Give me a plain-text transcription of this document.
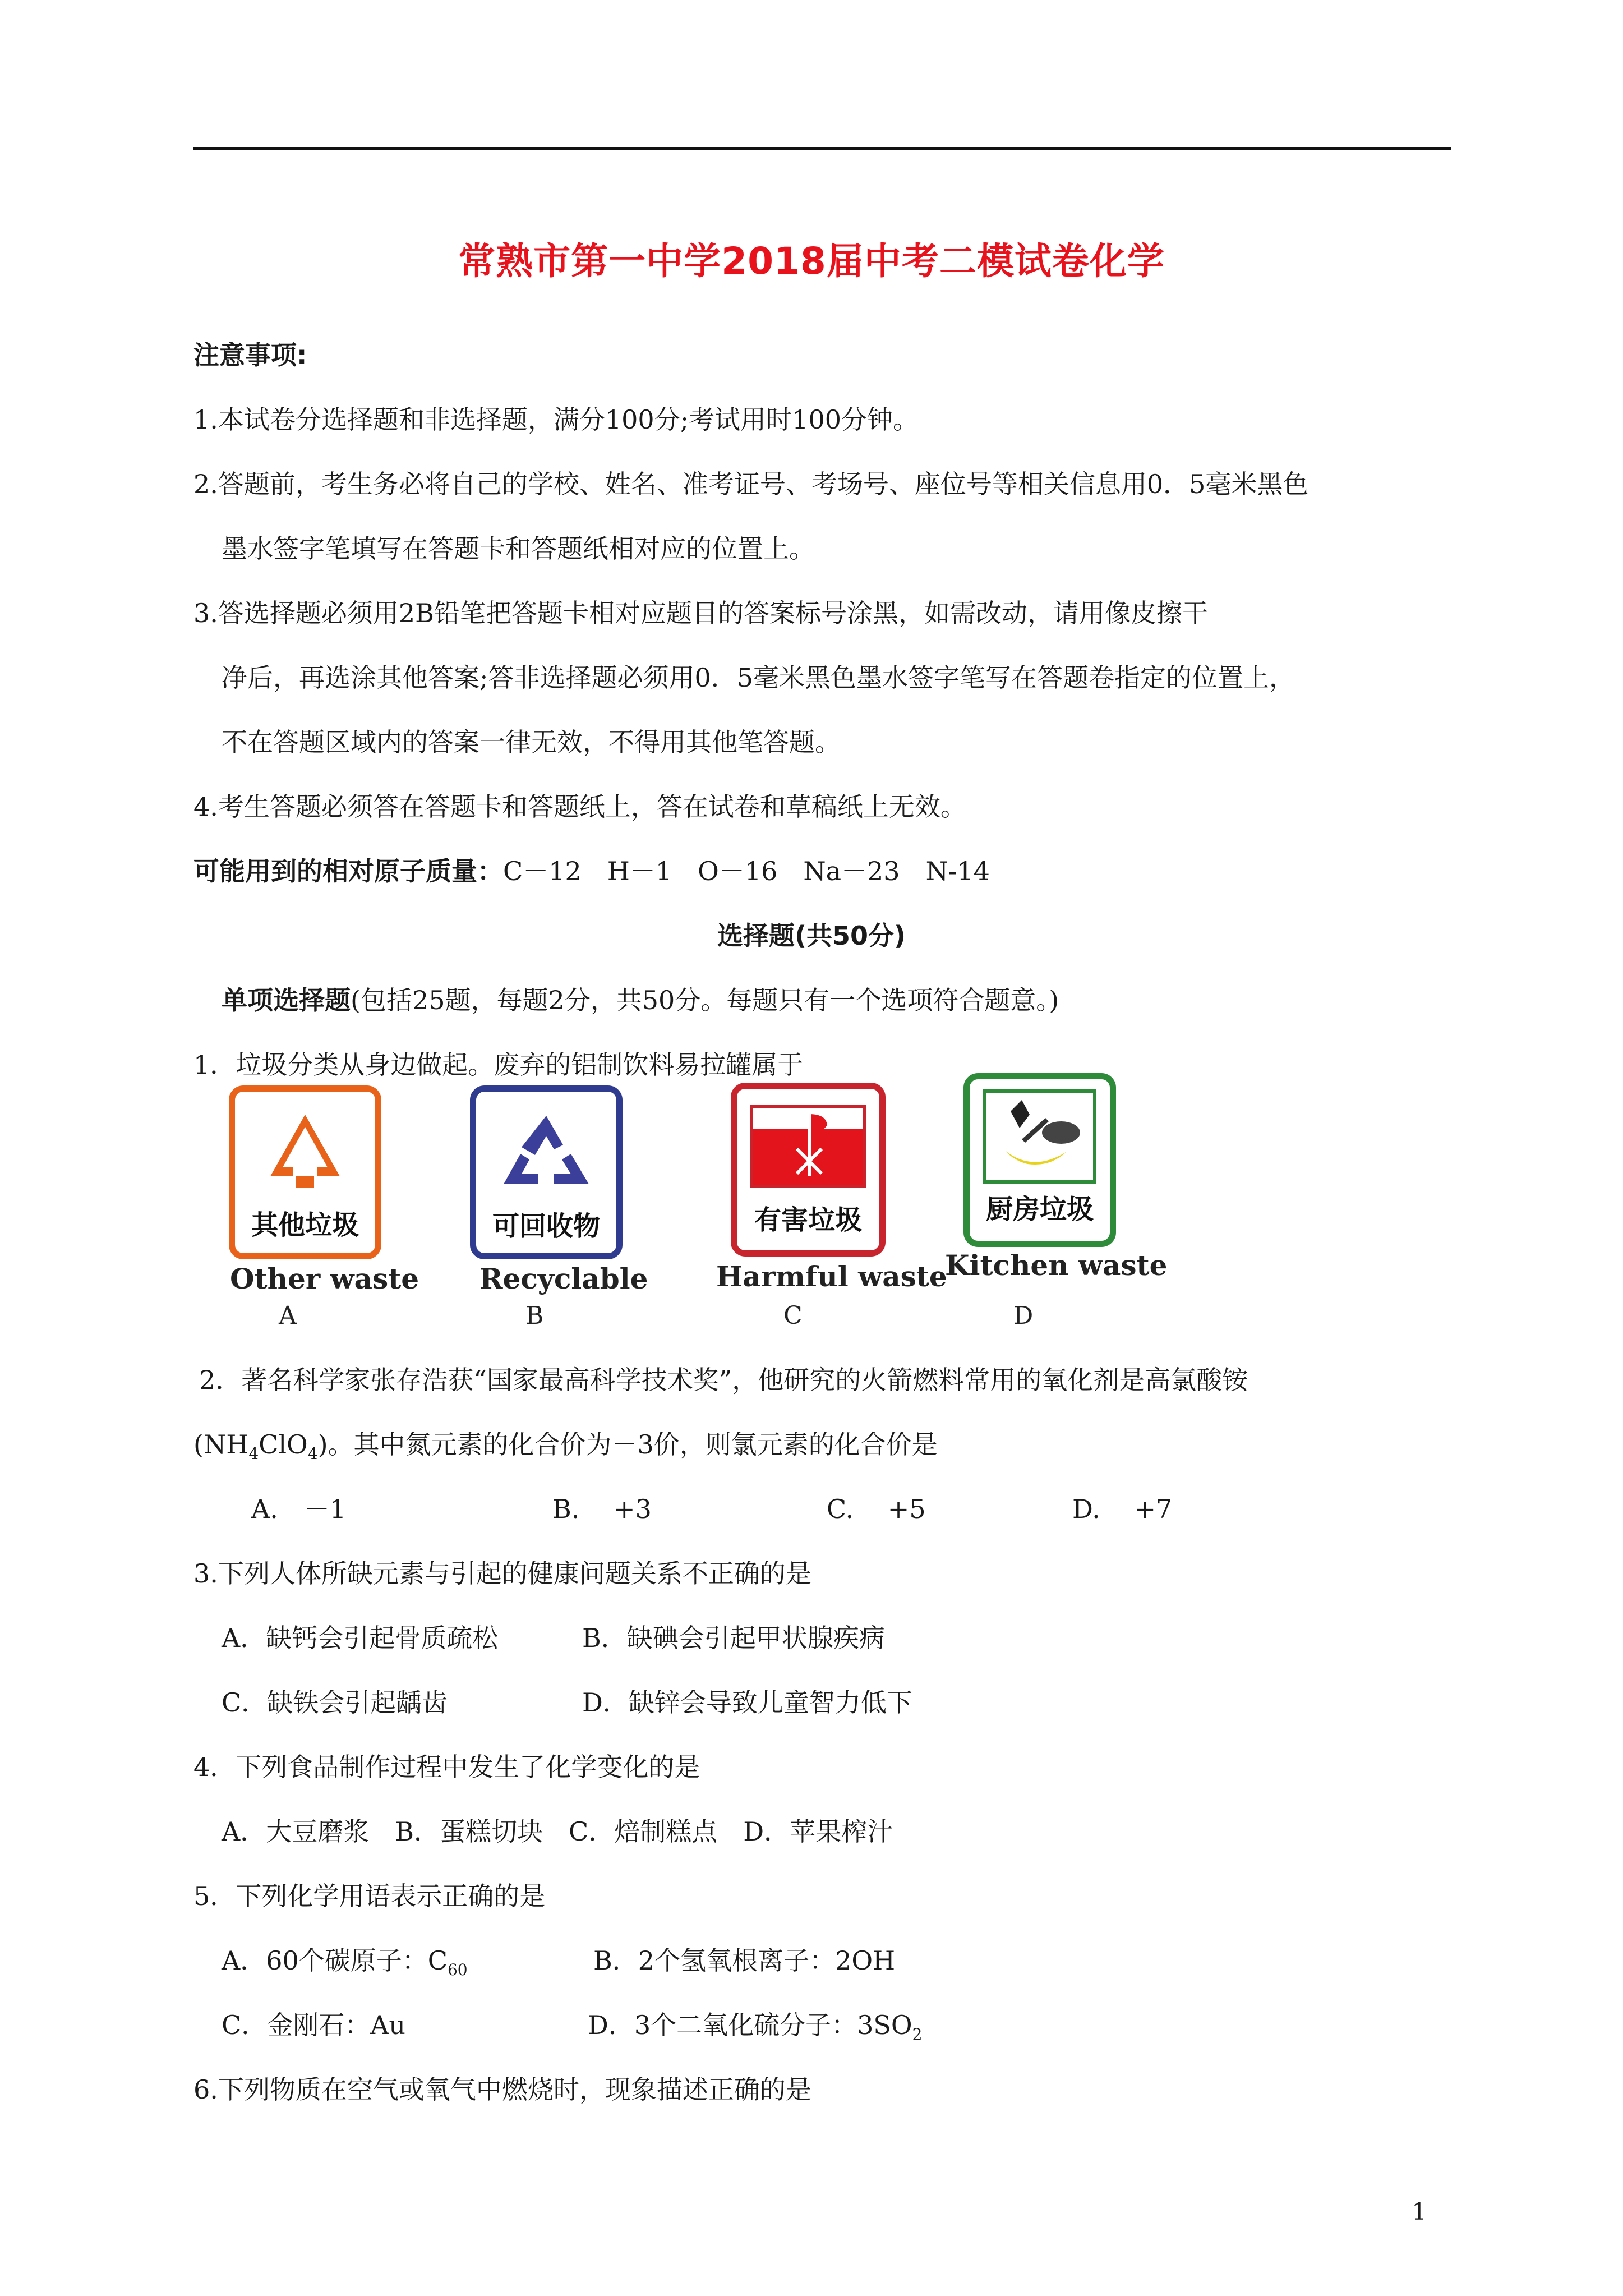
常熟市第一中学2018届中考二模试卷化学
注意事项:
1.本试卷分选择题和非选择题，满分100分;考试用时100分钟。
2.答题前，考生务必将自己的学校、姓名、准考证号、考场号、座位号等相关信息用0．5毫米黑色
墨水签字笔填写在答题卡和答题纸相对应的位置上。
3.答选择题必须用2B铅笔把答题卡相对应题目的答案标号涂黑，如需改动，请用像皮擦干
净后，再选涂其他答案;答非选择题必须用0．5毫米黑色墨水签字笔写在答题卷指定的位置上，
不在答题区域内的答案一律无效，不得用其他笔答题。
4.考生答题必须答在答题卡和答题纸上，答在试卷和草稿纸上无效。
可能用到的相对原子质量：C－12　H－1　O－16　Na－23　N-14
选择题(共50分)
单项选择题(包括25题，每题2分，共50分。每题只有一个选项符合题意。)
1．垃圾分类从身边做起。废弃的铝制饮料易拉罐属于
其他垃圾
Other waste
A
可回收物
Recyclable
B
有害垃圾
Harmful waste
C
厨房垃圾
Kitchen waste
D
2．著名科学家张存浩获“国家最高科学技术奖”，他研究的火箭燃料常用的氧化剂是高氯酸铵
$(NH_4ClO_4)$。其中氮元素的化合价为－3价，则氯元素的化合价是
A.　－1	B.　 +3	C.　 +5	D.　 +7
3.下列人体所缺元素与引起的健康问题关系不正确的是
A．缺钙会引起骨质疏松	B．缺碘会引起甲状腺疾病
C．缺铁会引起龋齿	D．缺锌会导致儿童智力低下
4．下列食品制作过程中发生了化学变化的是
A．大豆磨浆　B．蛋糕切块　C．焙制糕点　D．苹果榨汁
5．下列化学用语表示正确的是
A．60个碳原子：$C_{60}$	B．2个氢氧根离子：2OH
C．金刚石：Au	D．3个二氧化硫分子：$3SO_2$
6.下列物质在空气或氧气中燃烧时，现象描述正确的是
1
